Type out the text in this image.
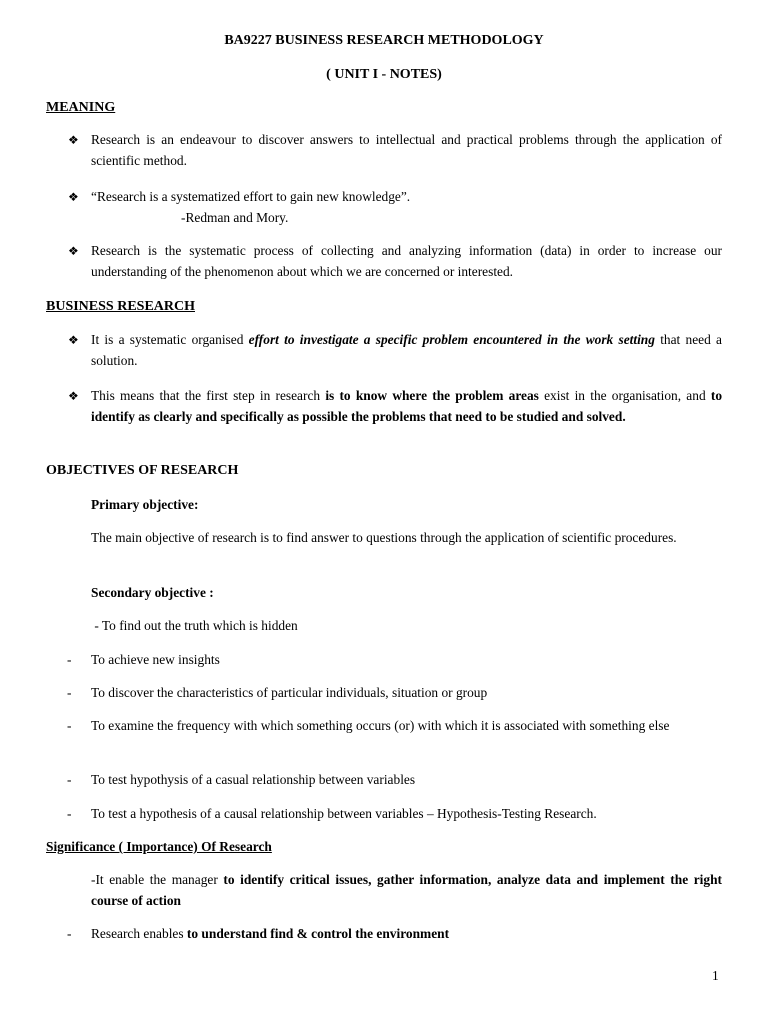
BA9227 BUSINESS RESEARCH METHODOLOGY
( UNIT I - NOTES)
MEANING
❖ Research is an endeavour to discover answers to intellectual and practical problems through the application of scientific method.
❖ “Research is a systematized effort to gain new knowledge”.
-Redman and Mory.
❖ Research is the systematic process of collecting and analyzing information (data) in order to increase our understanding of the phenomenon about which we are concerned or interested.
BUSINESS RESEARCH
❖ It is a systematic organised effort to investigate a specific problem encountered in the work setting that need a solution.
❖ This means that the first step in research is to know where the problem areas exist in the organisation, and to identify as clearly and specifically as possible the problems that need to be studied and solved.
OBJECTIVES OF RESEARCH
Primary objective:
The main objective of research is to find answer to questions through the application of scientific procedures.
Secondary objective :
- To find out the truth which is hidden
- To achieve new insights
- To discover the characteristics of particular individuals, situation or group
- To examine the frequency with which something occurs (or) with which it is associated with something else
- To test hypothysis of a casual relationship between variables
- To test a hypothesis of a causal relationship between variables – Hypothesis-Testing Research.
Significance ( Importance) Of Research
-It enable the manager to identify critical issues, gather information, analyze data and implement the right course of action
- Research enables to understand find & control the environment
1
